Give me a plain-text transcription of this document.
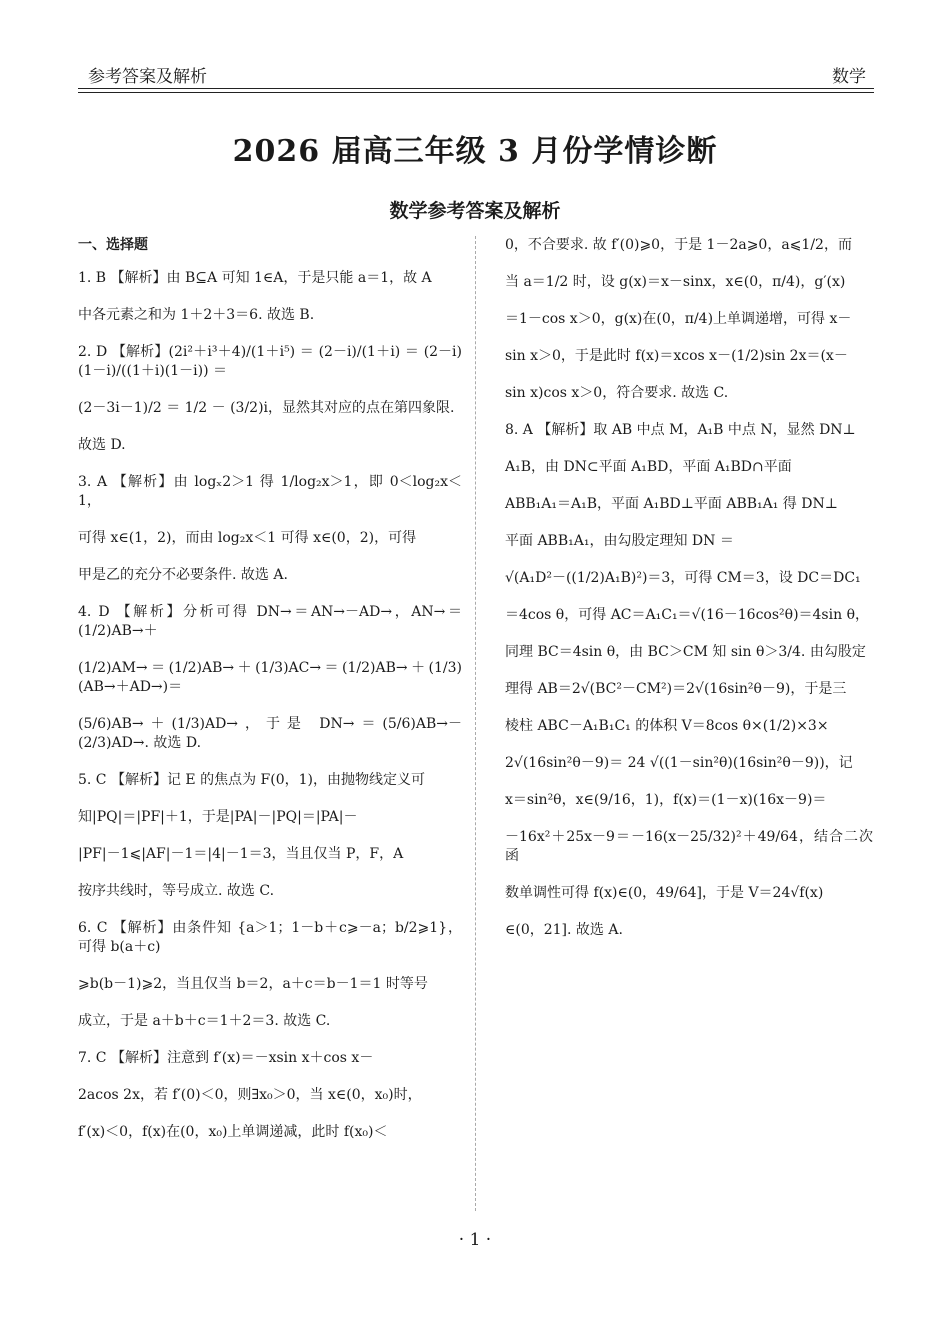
参考答案及解析	数学
2026 届高三年级 3 月份学情诊断
数学参考答案及解析
一、选择题
1. B 【解析】由 B⊆A 可知 1∈A，于是只能 a＝1，故 A
中各元素之和为 1＋2＋3＝6. 故选 B.
2. D 【解析】(2i²＋i³＋4)/(1＋i⁵) ＝ (2－i)/(1＋i) ＝ (2－i)(1－i)/((1＋i)(1－i)) ＝
(2－3i－1)/2 ＝ 1/2 － (3/2)i，显然其对应的点在第四象限.
故选 D.
3. A 【解析】由 logₓ2＞1 得 1/log₂x＞1，即 0＜log₂x＜1，
可得 x∈(1，2)，而由 log₂x＜1 可得 x∈(0，2)，可得
甲是乙的充分不必要条件. 故选 A.
4. D 【解析】分析可得 DN→＝AN→－AD→，AN→＝(1/2)AB→＋
(1/2)AM→＝(1/2)AB→＋(1/3)AC→＝(1/2)AB→＋(1/3)(AB→＋AD→)＝
(5/6)AB→＋(1/3)AD→，于是 DN→＝(5/6)AB→－(2/3)AD→. 故选 D.
5. C 【解析】记 E 的焦点为 F(0，1)，由抛物线定义可
知|PQ|＝|PF|＋1，于是|PA|－|PQ|＝|PA|－
|PF|－1⩽|AF|－1＝|4|－1＝3，当且仅当 P，F，A
按序共线时，等号成立. 故选 C.
6. C 【解析】由条件知 {a＞1；1－b＋c⩾－a；b/2⩾1}，可得 b(a＋c)
⩾b(b－1)⩾2，当且仅当 b＝2，a＋c＝b－1＝1 时等号
成立，于是 a＋b＋c＝1＋2＝3. 故选 C.
7. C 【解析】注意到 f′(x)＝－xsin x＋cos x－
2acos 2x，若 f′(0)＜0，则∃x₀＞0，当 x∈(0，x₀)时，
f′(x)＜0，f(x)在(0，x₀)上单调递减，此时 f(x₀)＜
0，不合要求. 故 f′(0)⩾0，于是 1－2a⩾0，a⩽1/2，而
当 a＝1/2 时，设 g(x)＝x－sinx，x∈(0，π/4)，g′(x)
＝1－cos x＞0，g(x)在(0，π/4)上单调递增，可得 x－
sin x＞0，于是此时 f(x)＝xcos x－(1/2)sin 2x＝(x－
sin x)cos x＞0，符合要求. 故选 C.
8. A 【解析】取 AB 中点 M，A₁B 中点 N，显然 DN⊥
A₁B，由 DN⊂平面 A₁BD，平面 A₁BD∩平面
ABB₁A₁＝A₁B，平面 A₁BD⊥平面 ABB₁A₁ 得 DN⊥
平面 ABB₁A₁，由勾股定理知 DN ＝
√(A₁D²－((1/2)A₁B)²)＝3，可得 CM＝3，设 DC＝DC₁
＝4cos θ，可得 AC＝A₁C₁＝√(16－16cos²θ)＝4sin θ，
同理 BC＝4sin θ，由 BC＞CM 知 sin θ＞3/4. 由勾股定
理得 AB＝2√(BC²－CM²)＝2√(16sin²θ－9)，于是三
棱柱 ABC－A₁B₁C₁ 的体积 V＝8cos θ×(1/2)×3×
2√(16sin²θ－9)＝ 24 √((1－sin²θ)(16sin²θ－9))，记
x＝sin²θ，x∈(9/16，1)，f(x)＝(1－x)(16x－9)＝
－16x²＋25x－9＝－16(x－25/32)²＋49/64，结合二次函
数单调性可得 f(x)∈(0，49/64]，于是 V＝24√f(x)
∈(0，21]. 故选 A.
· 1 ·
